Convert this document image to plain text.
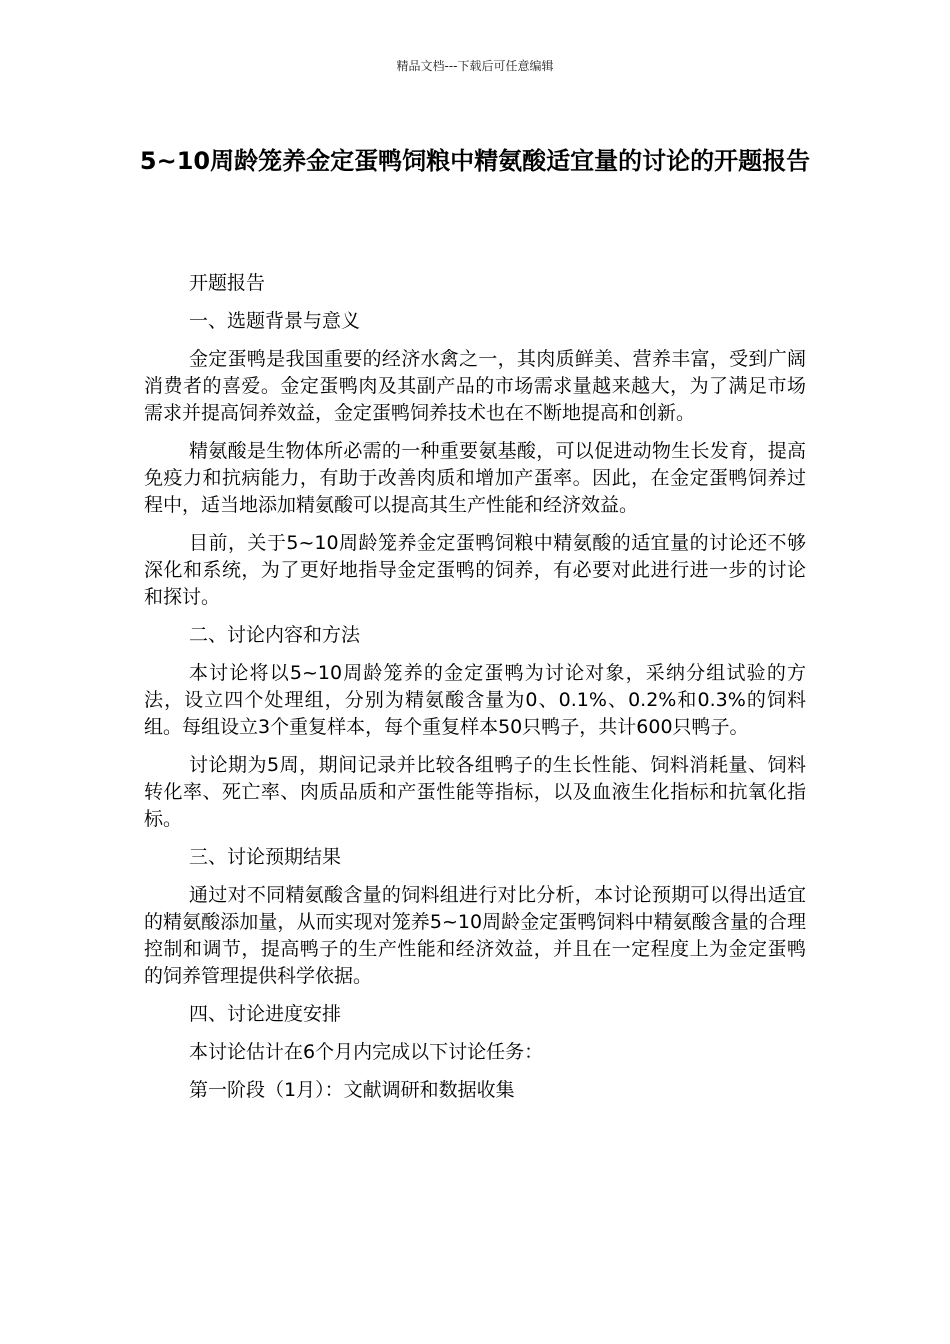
精品文档---下载后可任意编辑
5~10周龄笼养金定蛋鸭饲粮中精氨酸适宜量的讨论的开题报告

开题报告

一、选题背景与意义

金定蛋鸭是我国重要的经济水禽之一，其肉质鲜美、营养丰富，受到广阔消费者的喜爱。金定蛋鸭肉及其副产品的市场需求量越来越大，为了满足市场需求并提高饲养效益，金定蛋鸭饲养技术也在不断地提高和创新。

精氨酸是生物体所必需的一种重要氨基酸，可以促进动物生长发育，提高免疫力和抗病能力，有助于改善肉质和增加产蛋率。因此，在金定蛋鸭饲养过程中，适当地添加精氨酸可以提高其生产性能和经济效益。

目前，关于5~10周龄笼养金定蛋鸭饲粮中精氨酸的适宜量的讨论还不够深化和系统，为了更好地指导金定蛋鸭的饲养，有必要对此进行进一步的讨论和探讨。

二、讨论内容和方法

本讨论将以5~10周龄笼养的金定蛋鸭为讨论对象，采纳分组试验的方法，设立四个处理组，分别为精氨酸含量为0、0.1%、0.2%和0.3%的饲料组。每组设立3个重复样本，每个重复样本50只鸭子，共计600只鸭子。

讨论期为5周，期间记录并比较各组鸭子的生长性能、饲料消耗量、饲料转化率、死亡率、肉质品质和产蛋性能等指标，以及血液生化指标和抗氧化指标。

三、讨论预期结果

通过对不同精氨酸含量的饲料组进行对比分析，本讨论预期可以得出适宜的精氨酸添加量，从而实现对笼养5~10周龄金定蛋鸭饲料中精氨酸含量的合理控制和调节，提高鸭子的生产性能和经济效益，并且在一定程度上为金定蛋鸭的饲养管理提供科学依据。

四、讨论进度安排

本讨论估计在6个月内完成以下讨论任务：

第一阶段（1月）：文献调研和数据收集
